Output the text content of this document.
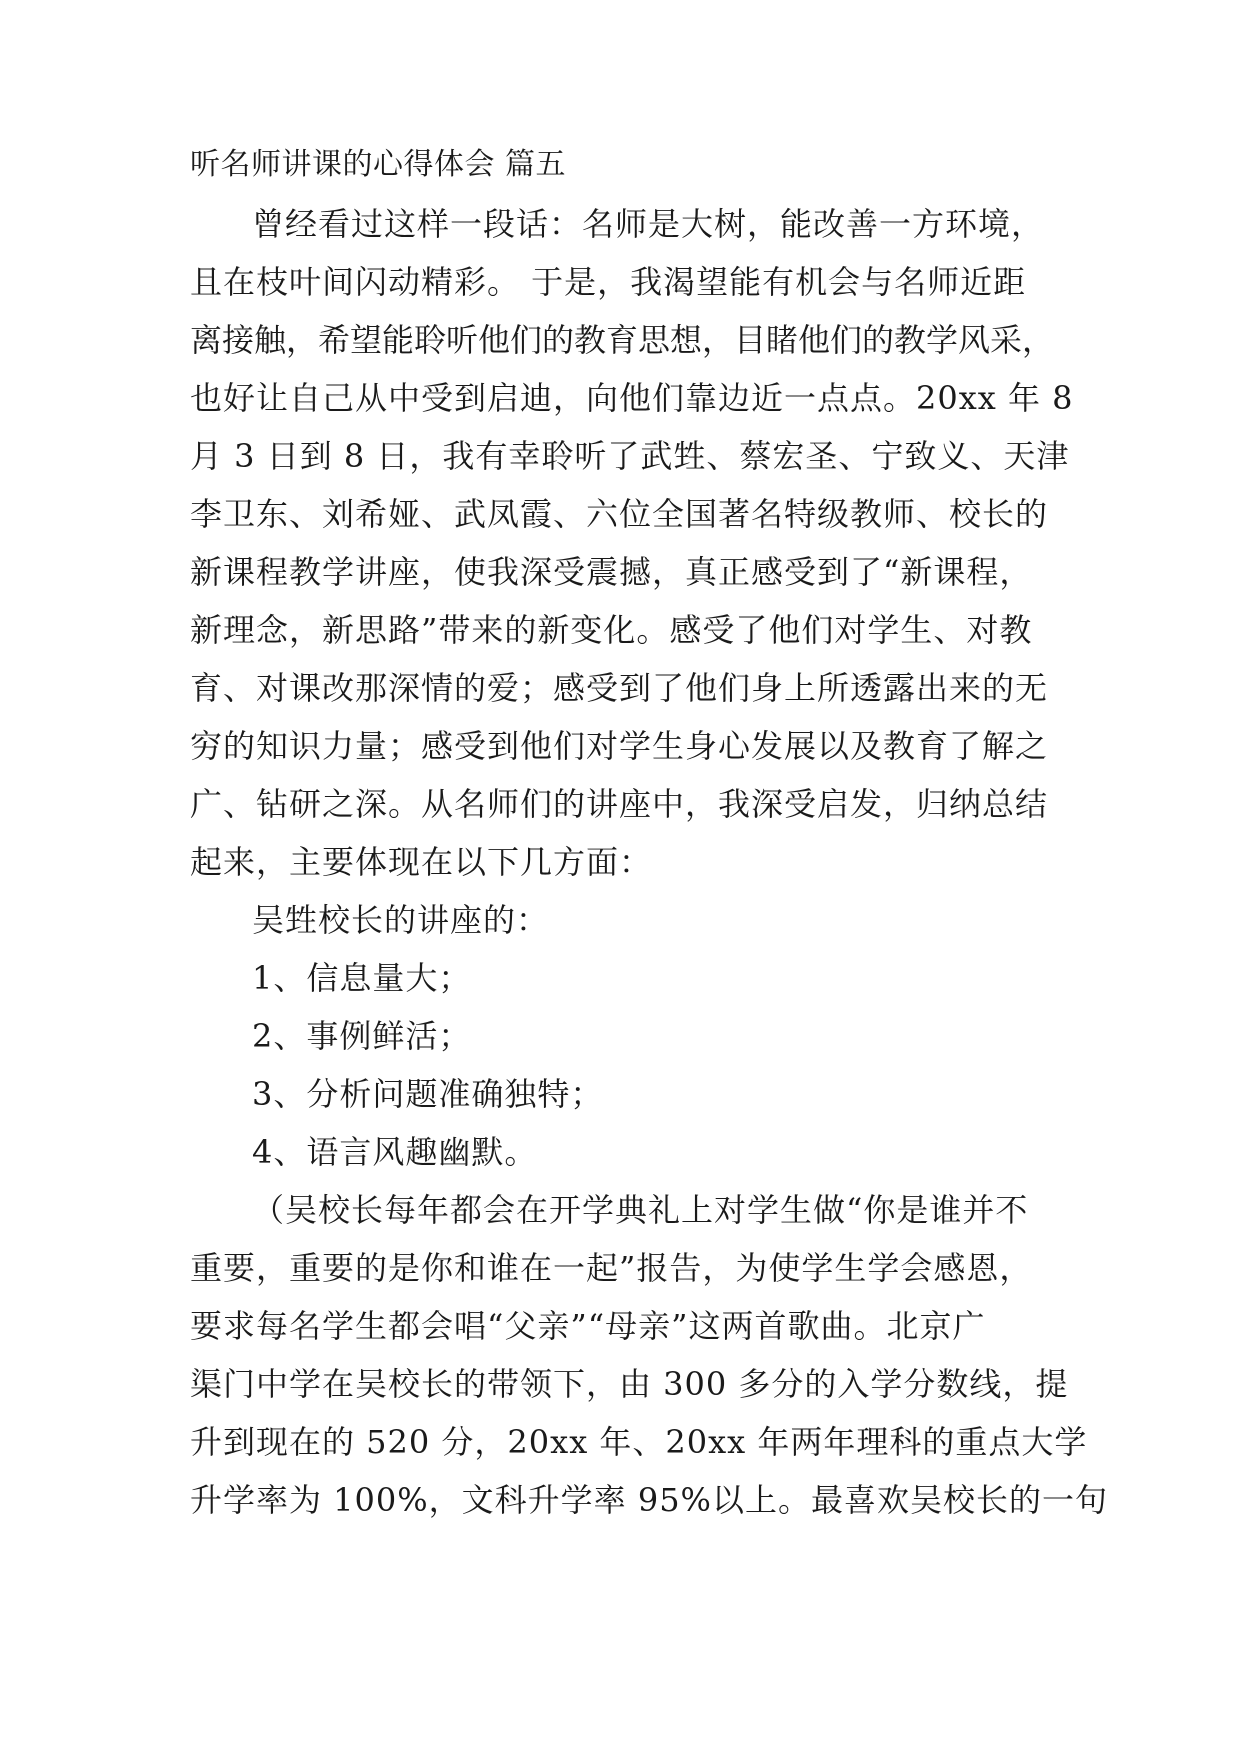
听名师讲课的心得体会 篇五
曾经看过这样一段话：名师是大树，能改善一方环境，
且在枝叶间闪动精彩。 于是，我渴望能有机会与名师近距
离接触，希望能聆听他们的教育思想，目睹他们的教学风采，
也好让自己从中受到启迪，向他们靠边近一点点。20xx 年 8
月 3 日到 8 日，我有幸聆听了武甡、蔡宏圣、宁致义、天津
李卫东、刘希娅、武凤霞、六位全国著名特级教师、校长的
新课程教学讲座，使我深受震撼，真正感受到了“新课程，
新理念，新思路”带来的新变化。感受了他们对学生、对教
育、对课改那深情的爱；感受到了他们身上所透露出来的无
穷的知识力量；感受到他们对学生身心发展以及教育了解之
广、钻研之深。从名师们的讲座中，我深受启发，归纳总结
起来，主要体现在以下几方面：
吴甡校长的讲座的：
1、信息量大；
2、事例鲜活；
3、分析问题准确独特；
4、语言风趣幽默。
（吴校长每年都会在开学典礼上对学生做“你是谁并不
重要，重要的是你和谁在一起”报告，为使学生学会感恩，
要求每名学生都会唱“父亲”“母亲”这两首歌曲。北京广
渠门中学在吴校长的带领下，由 300 多分的入学分数线，提
升到现在的 520 分，20xx 年、20xx 年两年理科的重点大学
升学率为 100%，文科升学率 95%以上。最喜欢吴校长的一句
